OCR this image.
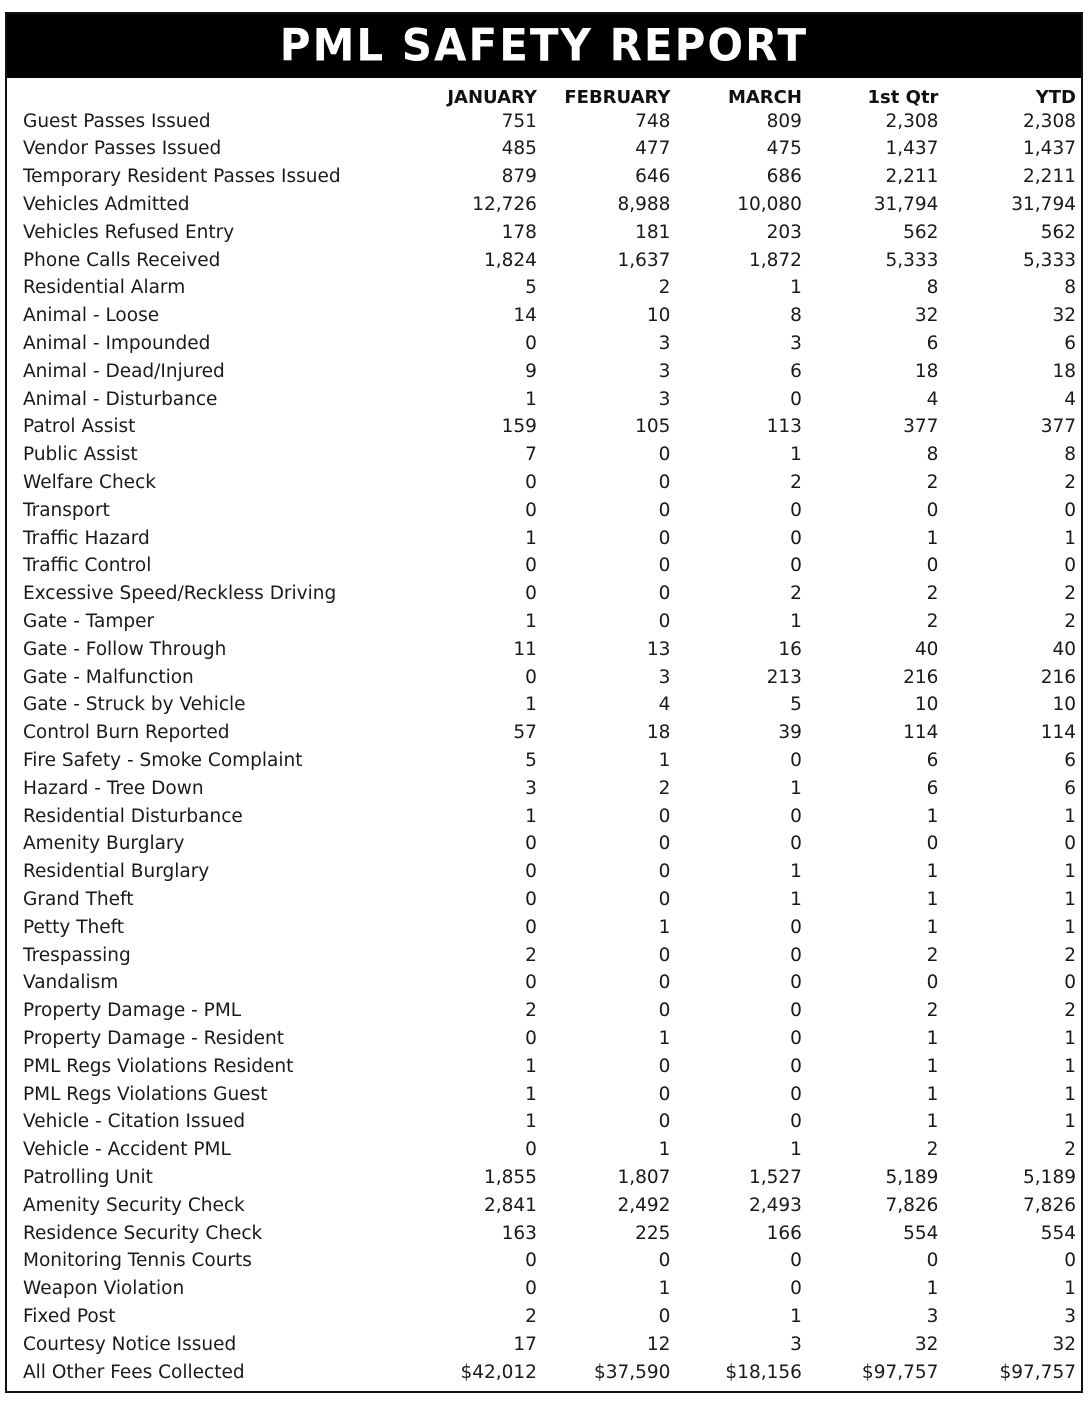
PML SAFETY REPORT
	JANUARY	FEBRUARY	MARCH	1st Qtr	YTD
Guest Passes Issued	751	748	809	2,308	2,308
Vendor Passes Issued	485	477	475	1,437	1,437
Temporary Resident Passes Issued	879	646	686	2,211	2,211
Vehicles Admitted	12,726	8,988	10,080	31,794	31,794
Vehicles Refused Entry	178	181	203	562	562
Phone Calls Received	1,824	1,637	1,872	5,333	5,333
Residential Alarm	5	2	1	8	8
Animal - Loose	14	10	8	32	32
Animal - Impounded	0	3	3	6	6
Animal - Dead/Injured	9	3	6	18	18
Animal - Disturbance	1	3	0	4	4
Patrol Assist	159	105	113	377	377
Public Assist	7	0	1	8	8
Welfare Check	0	0	2	2	2
Transport	0	0	0	0	0
Traffic Hazard	1	0	0	1	1
Traffic Control	0	0	0	0	0
Excessive Speed/Reckless Driving	0	0	2	2	2
Gate - Tamper	1	0	1	2	2
Gate - Follow Through	11	13	16	40	40
Gate - Malfunction	0	3	213	216	216
Gate - Struck by Vehicle	1	4	5	10	10
Control Burn Reported	57	18	39	114	114
Fire Safety - Smoke Complaint	5	1	0	6	6
Hazard - Tree Down	3	2	1	6	6
Residential Disturbance	1	0	0	1	1
Amenity Burglary	0	0	0	0	0
Residential Burglary	0	0	1	1	1
Grand Theft	0	0	1	1	1
Petty Theft	0	1	0	1	1
Trespassing	2	0	0	2	2
Vandalism	0	0	0	0	0
Property Damage - PML	2	0	0	2	2
Property Damage - Resident	0	1	0	1	1
PML Regs Violations Resident	1	0	0	1	1
PML Regs Violations Guest	1	0	0	1	1
Vehicle - Citation Issued	1	0	0	1	1
Vehicle - Accident PML	0	1	1	2	2
Patrolling Unit	1,855	1,807	1,527	5,189	5,189
Amenity Security Check	2,841	2,492	2,493	7,826	7,826
Residence Security Check	163	225	166	554	554
Monitoring Tennis Courts	0	0	0	0	0
Weapon Violation	0	1	0	1	1
Fixed Post	2	0	1	3	3
Courtesy Notice Issued	17	12	3	32	32
All Other Fees Collected	$42,012	$37,590	$18,156	$97,757	$97,757
